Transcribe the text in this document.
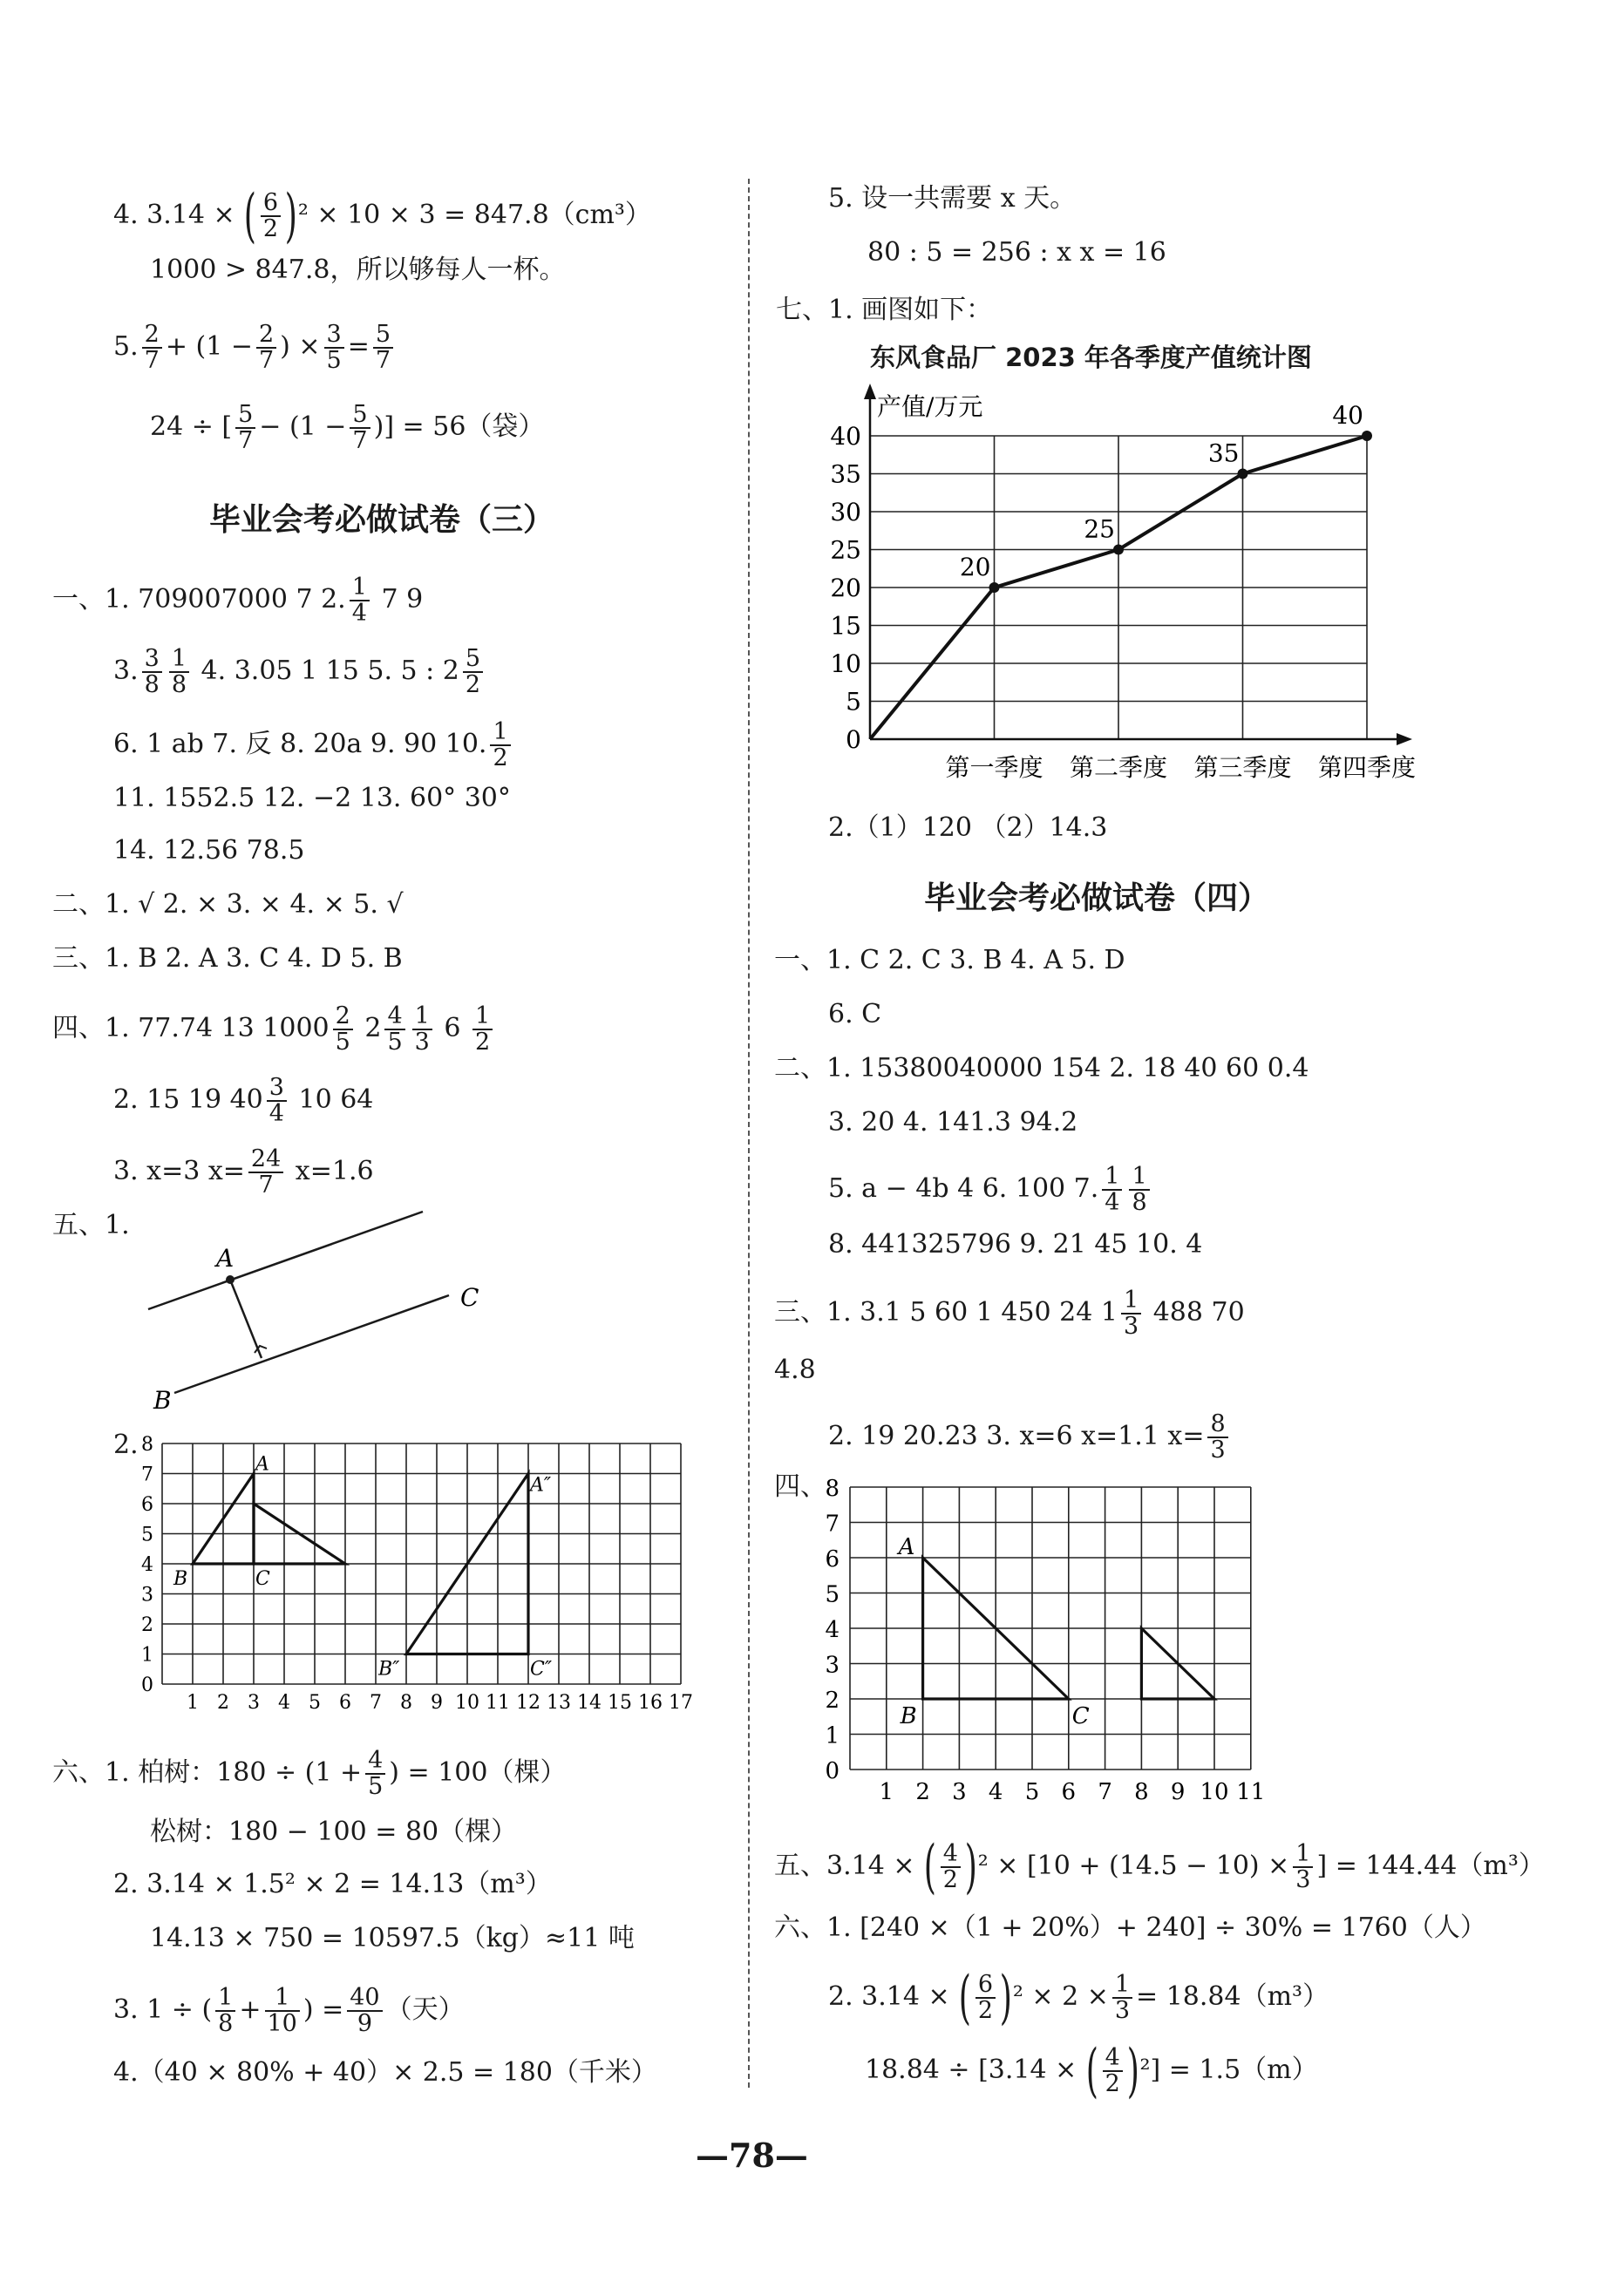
4. 3.14 × ( $\frac{6}{2} )^2 \times 10 \times 3 = 847.8(cm^3)$
1000 > 847.8，所以够每人一杯。
5. $\frac{2}{7} + (1 - \frac{2}{7}$ ) × $\frac{3}{5} = \frac{5}{7}$
24 ÷ [ $\frac{5}{7} - (1 - \frac{5}{7}$ )] = 56（袋）
毕业会考必做试卷（三）
一、1. 709007000 7 2. $\frac{1}{4} 7$ 9
3. $\frac{3}{8} \frac{1}{8} 4$. 3.05 1 15 5. 5 : $2 \frac{5}{2}$
6. 1 ab 7. 反 8. 20a 9. 90 10. $\frac{1}{2}$
11. 1552.5 12. −2 13. 60° 30°
14. 12.56 78.5
二、1. √ 2. × 3. × 4. × 5. √
三、1. B 2. A 3. C 4. D 5. B
四、1. 77.74 13 $1000 \frac{2}{5} 2 \frac{4}{5} \frac{1}{3} 6 \frac{1}{2}$
2. 15 19 $40 \frac{3}{4} 10$ 64
3. x=3 $x= \frac{24}{7} x=1.6$
五、1.
A
B
C
2.
1 2 3 4 5 6 7 8 9 10 11 12 13 14 15 16 17
0
1
2
3
4
5
6
7
8
A
B	C
A″
B″	C″
六、1. 柏树：$180 \div (1 + \frac{4}{5}$ ) = 100（棵）
松树：180 − 100 = 80（棵）
2. 3.14 × 1.5² × 2 = 14.13（m³）
14.13 × 750 = 10597.5（kg）≈11 吨
3. 1 ÷ ( $\frac{1}{8} + \frac{1}{10}$ ) = $\frac{40}{9}$ （天）
4.（40 × 80% + 40）× 2.5 = 180（千米）
5. 设一共需要 x 天。
80 : 5 = 256 : x x = 16
七、1. 画图如下：
东风食品厂 2023 年各季度产值统计图
0
5
10
15
20
25
30
35
40
产值/万元
第一季度 第二季度 第三季度 第四季度
20
25
35
40
2.（1）120 （2）14.3
毕业会考必做试卷（四）
一、1. C 2. C 3. B 4. A 5. D
6. C
二、1. 15380040000 154 2. 18 40 60 0.4
3. 20 4. 141.3 94.2
5. a − 4b 4 6. 100 7. $\frac{1}{4} \frac{1}{8}$
8. 441325796 9. 21 45 10. 4
三、1. 3.1 5 60 1 450 24 $1 \frac{1}{3} 488$ 70
4.8
2. 19 20.23 3. x=6 x=1.1 $x= \frac{8}{3}$
四、
1 2 3 4 5 6 7 8 9 10 11
0
1
2
3
4
5
6
7
8
A
B	C
五、3.14 × ( $\frac{4}{2} )^2 \times [10 + (14.5 - 10) \times \frac{1}{3}$ ] = 144.44（m³）
六、1. [240 ×（1 + 20%）+ 240] ÷ 30% = 1760（人）
2. 3.14 × ( $\frac{6}{2} )^2 \times 2 \times \frac{1}{3} = 18.84(m^3)$
18.84 ÷ [3.14 × ( $\frac{4}{2} )^2] = 1.5(m)$
—78—
